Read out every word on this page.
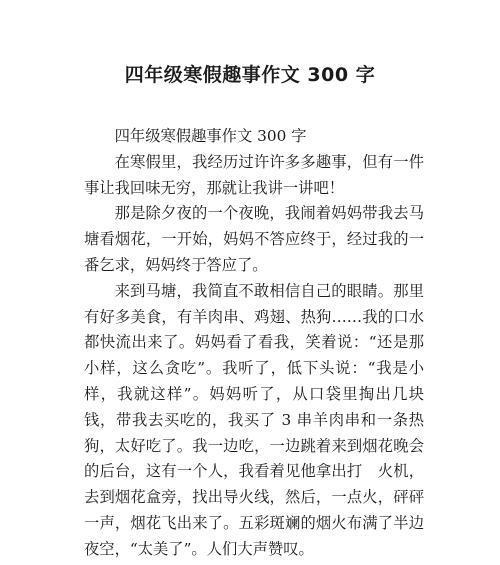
四年级寒假趣事作文 300 字

四年级寒假趣事作文 300 字

在寒假里，我经历过许许多多趣事，但有一件事让我回味无穷，那就让我讲一讲吧！

那是除夕夜的一个夜晚，我闹着妈妈带我去马塘看烟花，一开始，妈妈不答应终于，经过我的一番乞求，妈妈终于答应了。

来到马塘，我简直不敢相信自己的眼睛。那里有好多美食，有羊肉串、鸡翅、热狗……我的口水都快流出来了。妈妈看了看我，笑着说：“还是那小样，这么贪吃”。我听了，低下头说：“我是小样，我就这样”。妈妈听了，从口袋里掏出几块钱，带我去买吃的，我买了 3 串羊肉串和一条热狗，太好吃了。我一边吃，一边跳着来到烟花晚会的后台，这有一个人，我看着见他拿出打　火机，去到烟花盒旁，找出导火线，然后，一点火，砰砰一声，烟花飞出来了。五彩斑斓的烟火布满了半边夜空，“太美了”。人们大声赞叹。
